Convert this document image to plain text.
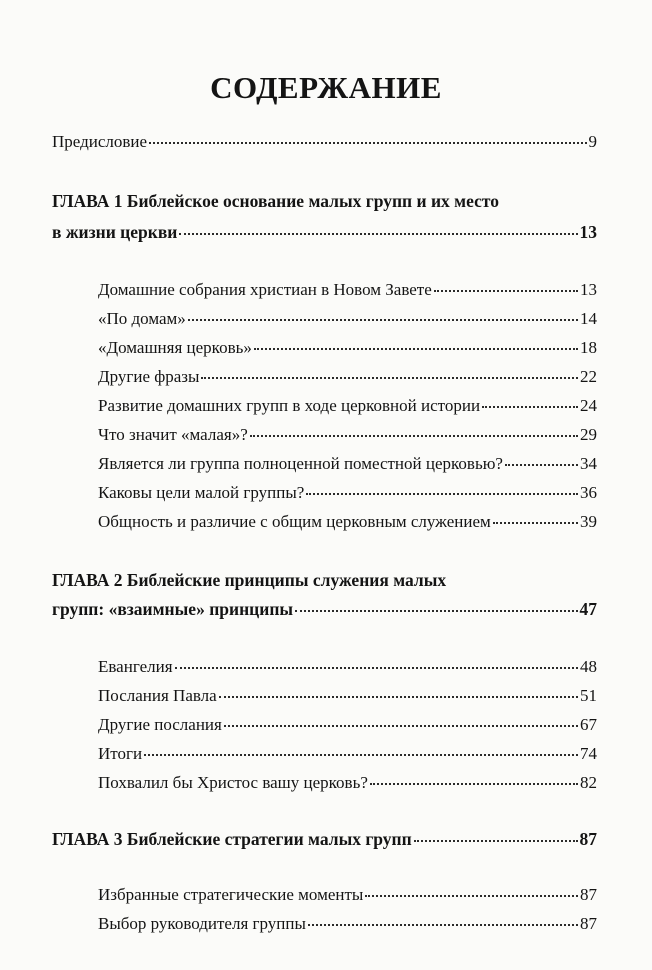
СОДЕРЖАНИЕ
Предисловие	9
ГЛАВА 1 Библейское основание малых групп и их место
в жизни церкви	13
Домашние собрания христиан в Новом Завете	13
«По домам»	14
«Домашняя церковь»	18
Другие фразы	22
Развитие домашних групп в ходе церковной истории	24
Что значит «малая»?	29
Является ли группа полноценной поместной церковью?	34
Каковы цели малой группы?	36
Общность и различие с общим церковным служением	39
ГЛАВА 2 Библейские принципы служения малых
групп: «взаимные» принципы	47
Евангелия	48
Послания Павла	51
Другие послания	67
Итоги	74
Похвалил бы Христос вашу церковь?	82
ГЛАВА 3 Библейские стратегии малых групп	87
Избранные стратегические моменты	87
Выбор руководителя группы	87
